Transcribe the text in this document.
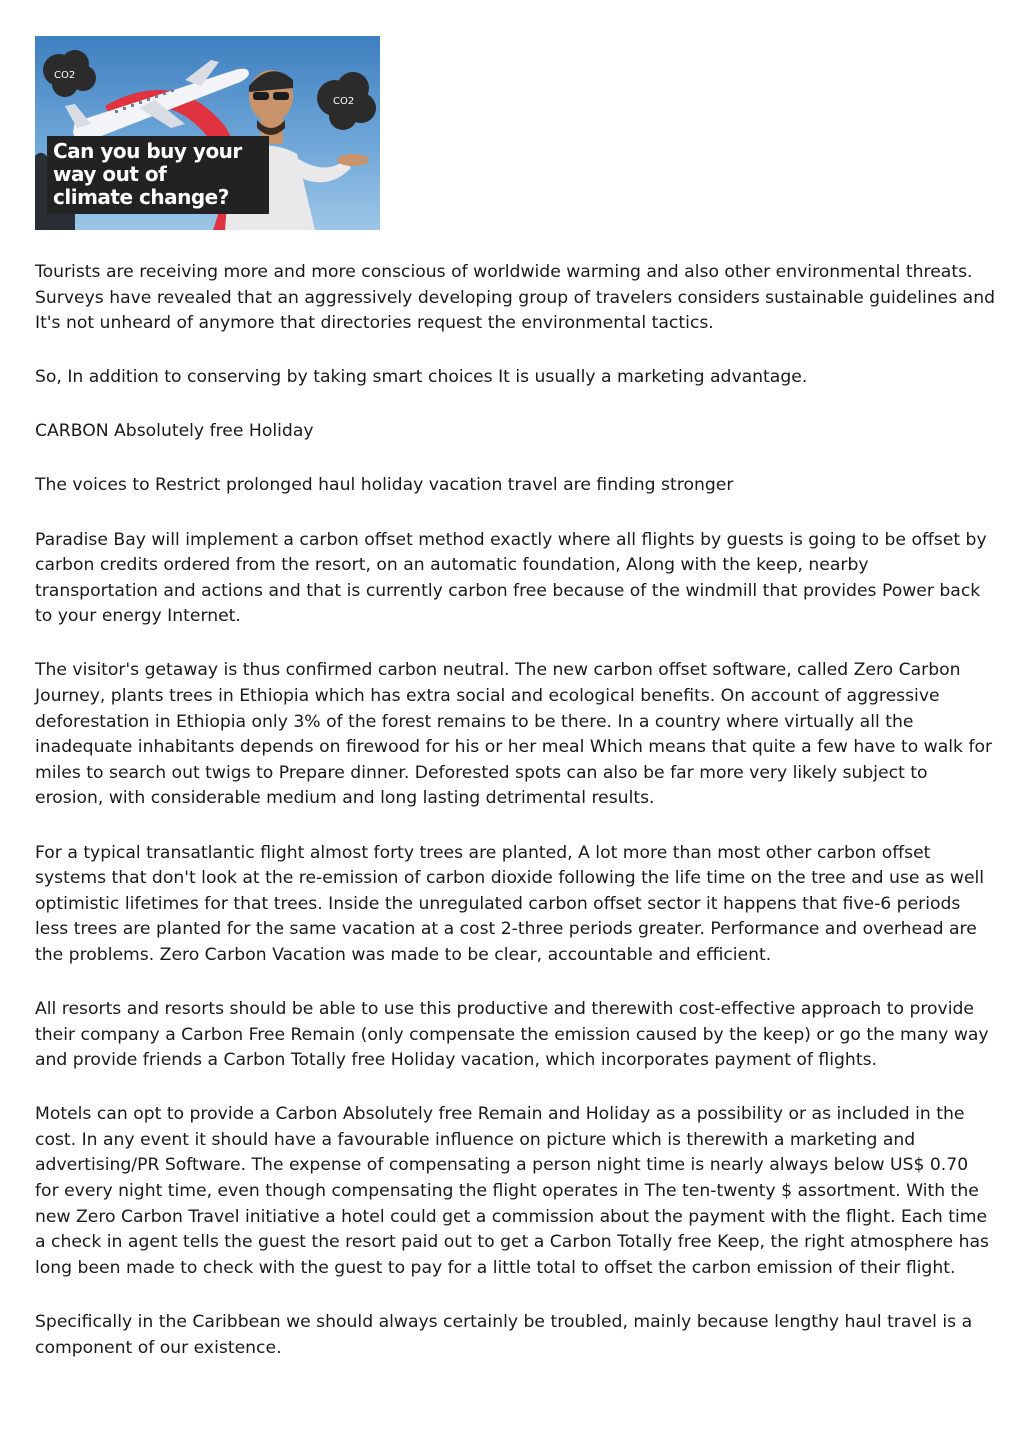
CO2
CO2
Can you buy your
way out of
climate change?

Tourists are receiving more and more conscious of worldwide warming and also other environmental threats. Surveys have revealed that an aggressively developing group of travelers considers sustainable guidelines and It's not unheard of anymore that directories request the environmental tactics.

So, In addition to conserving by taking smart choices It is usually a marketing advantage.

CARBON Absolutely free Holiday

The voices to Restrict prolonged haul holiday vacation travel are finding stronger

Paradise Bay will implement a carbon offset method exactly where all flights by guests is going to be offset by carbon credits ordered from the resort, on an automatic foundation, Along with the keep, nearby transportation and actions and that is currently carbon free because of the windmill that provides Power back to your energy Internet.

The visitor's getaway is thus confirmed carbon neutral. The new carbon offset software, called Zero Carbon Journey, plants trees in Ethiopia which has extra social and ecological benefits. On account of aggressive deforestation in Ethiopia only 3% of the forest remains to be there. In a country where virtually all the inadequate inhabitants depends on firewood for his or her meal Which means that quite a few have to walk for miles to search out twigs to Prepare dinner. Deforested spots can also be far more very likely subject to erosion, with considerable medium and long lasting detrimental results.

For a typical transatlantic flight almost forty trees are planted, A lot more than most other carbon offset systems that don't look at the re-emission of carbon dioxide following the life time on the tree and use as well optimistic lifetimes for that trees. Inside the unregulated carbon offset sector it happens that five-6 periods less trees are planted for the same vacation at a cost 2-three periods greater. Performance and overhead are the problems. Zero Carbon Vacation was made to be clear, accountable and efficient.

All resorts and resorts should be able to use this productive and therewith cost-effective approach to provide their company a Carbon Free Remain (only compensate the emission caused by the keep) or go the many way and provide friends a Carbon Totally free Holiday vacation, which incorporates payment of flights.

Motels can opt to provide a Carbon Absolutely free Remain and Holiday as a possibility or as included in the cost. In any event it should have a favourable influence on picture which is therewith a marketing and advertising/PR Software. The expense of compensating a person night time is nearly always below US$ 0.70 for every night time, even though compensating the flight operates in The ten-twenty $ assortment. With the new Zero Carbon Travel initiative a hotel could get a commission about the payment with the flight. Each time a check in agent tells the guest the resort paid out to get a Carbon Totally free Keep, the right atmosphere has long been made to check with the guest to pay for a little total to offset the carbon emission of their flight.

Specifically in the Caribbean we should always certainly be troubled, mainly because lengthy haul travel is a component of our existence.
